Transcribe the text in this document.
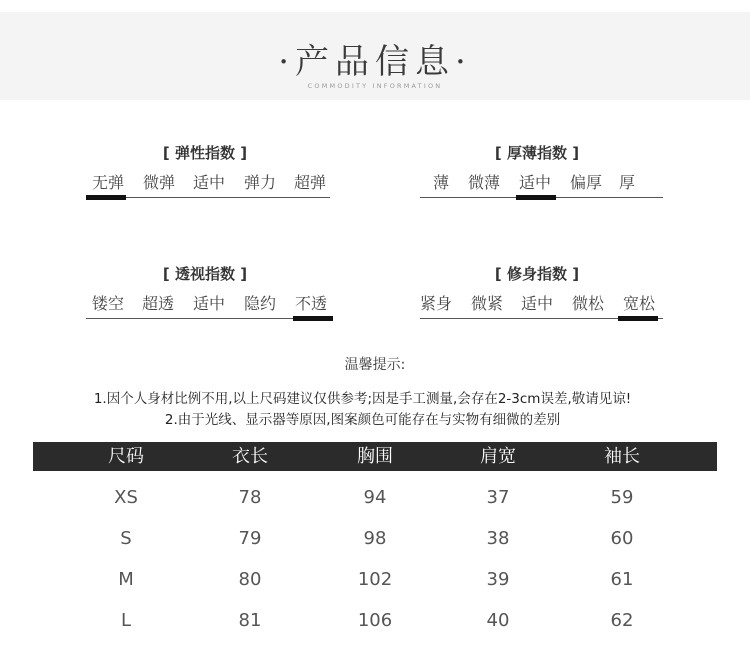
·产品信息·
COMMODITY INFORMATION
[ 弹性指数 ]
无弹	微弹	适中	弹力	超弹
[ 厚薄指数 ]
薄	微薄	适中	偏厚	厚
[ 透视指数 ]
镂空	超透	适中	隐约	不透
[ 修身指数 ]
紧身	微紧	适中	微松	宽松
温馨提示:
1.因个人身材比例不用,以上尺码建议仅供参考;因是手工测量,会存在2-3cm误差,敬请见谅!
2.由于光线、显示器等原因,图案颜色可能存在与实物有细微的差别
尺码	衣长	胸围	肩宽	袖长
XS	78	94	37	59
S	79	98	38	60
M	80	102	39	61
L	81	106	40	62
